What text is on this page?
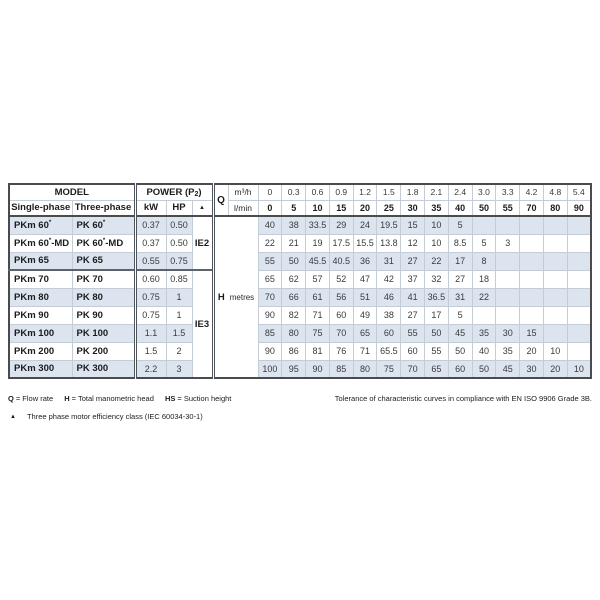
MODEL		POWER $(P_2)$			Q	m³/h	0	0.3	0.6	0.9	1.2	1.5	1.8	2.1	2.4	3.0	3.3	4.2	4.8	5.4
Single-phase	Three-phase	kW	HP	▲		l/min	0	5	10	15	20	25	30	35	40	50	55	70	80	90
PKm 60*	PK 60*	0.37	0.50	IE2	H metres		40	38	33.5	29	24	19.5	15	10	5					
PKm 60*-MD	PK 60*-MD	0.37	0.50				22	21	19	17.5	15.5	13.8	12	10	8.5	5	3			
PKm 65	PK 65	0.55	0.75				55	50	45.5	40.5	36	31	27	22	17	8				
PKm 70	PK 70	0.60	0.85	IE3			65	62	57	52	47	42	37	32	27	18				
PKm 80	PK 80	0.75	1				70	66	61	56	51	46	41	36.5	31	22				
PKm 90	PK 90	0.75	1				90	82	71	60	49	38	27	17	5					
PKm 100	PK 100	1.1	1.5				85	80	75	70	65	60	55	50	45	35	30	15		
PKm 200	PK 200	1.5	2				90	86	81	76	71	65.5	60	55	50	40	35	20	10	
PKm 300	PK 300	2.2	3				100	95	90	85	80	75	70	65	60	50	45	30	20	10
Q = Flow rate H = Total manometric head HS = Suction height	Tolerance of characteristic curves in compliance with EN ISO 9906 Grade 3B.
▲ Three phase motor efficiency class (IEC 60034-30-1)
